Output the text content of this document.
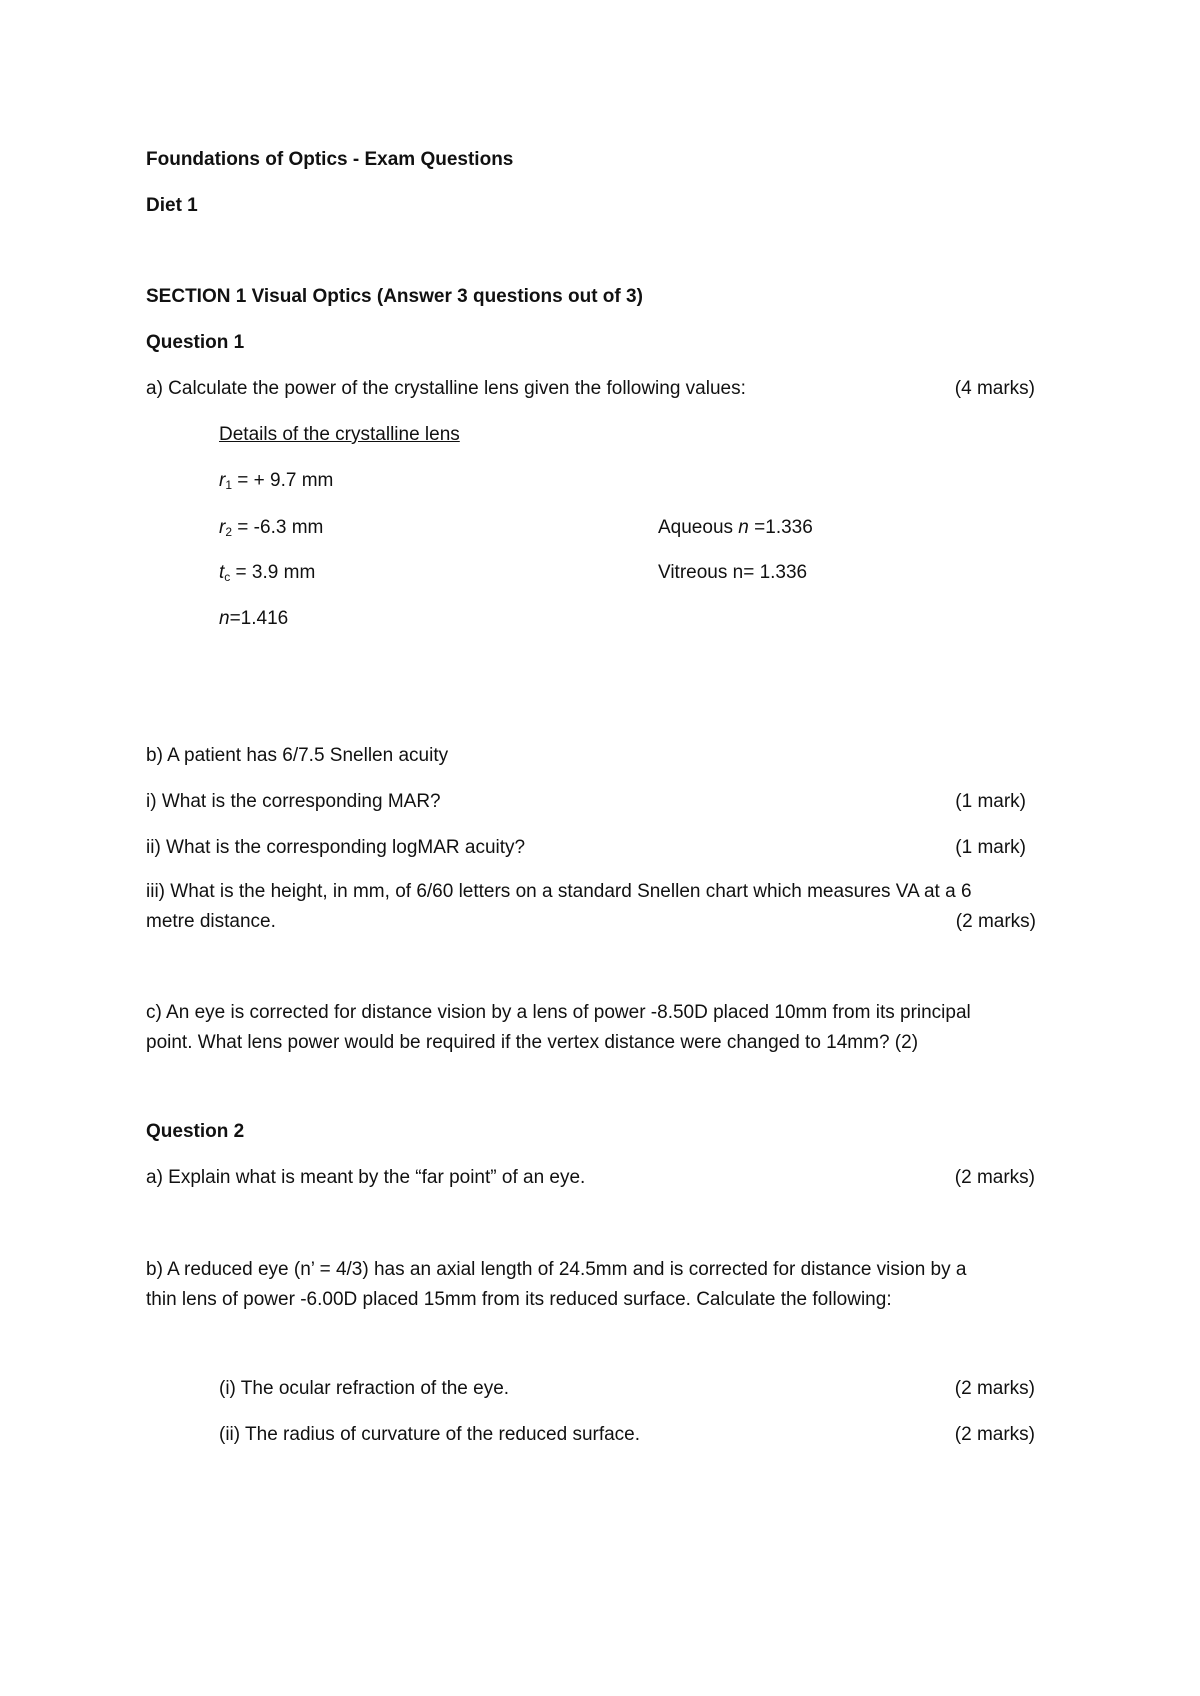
Foundations of Optics - Exam Questions
Diet 1
SECTION 1 Visual Optics (Answer 3 questions out of 3)
Question 1
a) Calculate the power of the crystalline lens given the following values:	(4 marks)
Details of the crystalline lens
$r_1$ = + 9.7 mm
$r_2 = -6.3$ mm	Aqueous n =1.336
$t_c = 3.9$ mm	Vitreous n= 1.336
n=1.416
b) A patient has 6/7.5 Snellen acuity
i) What is the corresponding MAR?	(1 mark)
ii) What is the corresponding logMAR acuity?	(1 mark)
iii) What is the height, in mm, of 6/60 letters on a standard Snellen chart which measures VA at a 6
metre distance.	(2 marks)
c) An eye is corrected for distance vision by a lens of power -8.50D placed 10mm from its principal
point. What lens power would be required if the vertex distance were changed to 14mm? (2)
Question 2
a) Explain what is meant by the “far point” of an eye.	(2 marks)
b) A reduced eye (n’ = 4/3) has an axial length of 24.5mm and is corrected for distance vision by a
thin lens of power -6.00D placed 15mm from its reduced surface. Calculate the following:
(i) The ocular refraction of the eye.	(2 marks)
(ii) The radius of curvature of the reduced surface.	(2 marks)
